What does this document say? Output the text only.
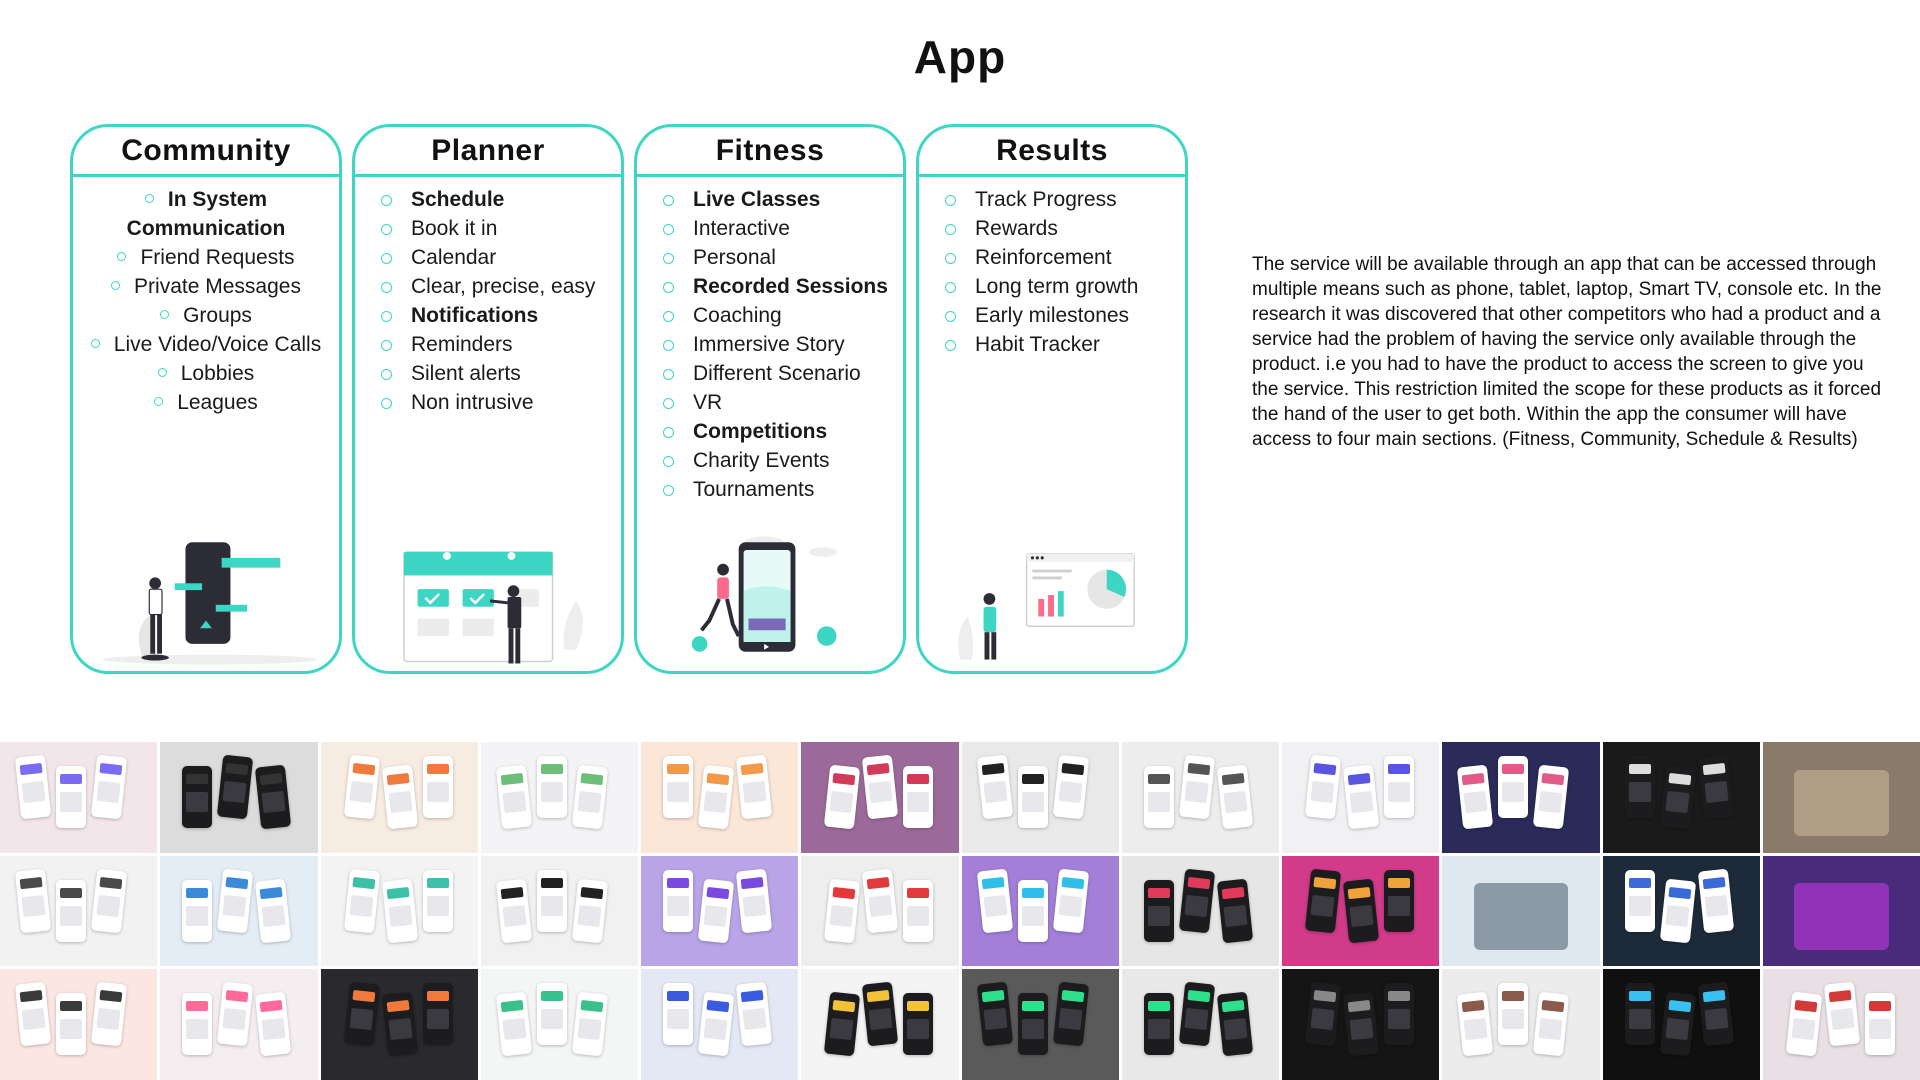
App
Community
In System Communication
Friend Requests
Private Messages
Groups
Live Video/Voice Calls
Lobbies
Leagues
Planner
Schedule
Book it in
Calendar
Clear, precise, easy
Notifications
Reminders
Silent alerts
Non intrusive
Fitness
Live Classes
Interactive
Personal
Recorded Sessions
Coaching
Immersive Story
Different Scenario
VR
Competitions
Charity Events
Tournaments
Results
Track Progress
Rewards
Reinforcement
Long term growth
Early milestones
Habit Tracker
The service will be available through an app that can be accessed through multiple means such as phone, tablet, laptop, Smart TV, console etc. In the research it was discovered that other competitors who had a product and a service had the problem of having the service only available through the product. i.e you had to have the product to access the screen to give you the service. This restriction limited the scope for these products as it forced the hand of the user to get both. Within the app the consumer will have access to four main sections. (Fitness, Community, Schedule & Results)
